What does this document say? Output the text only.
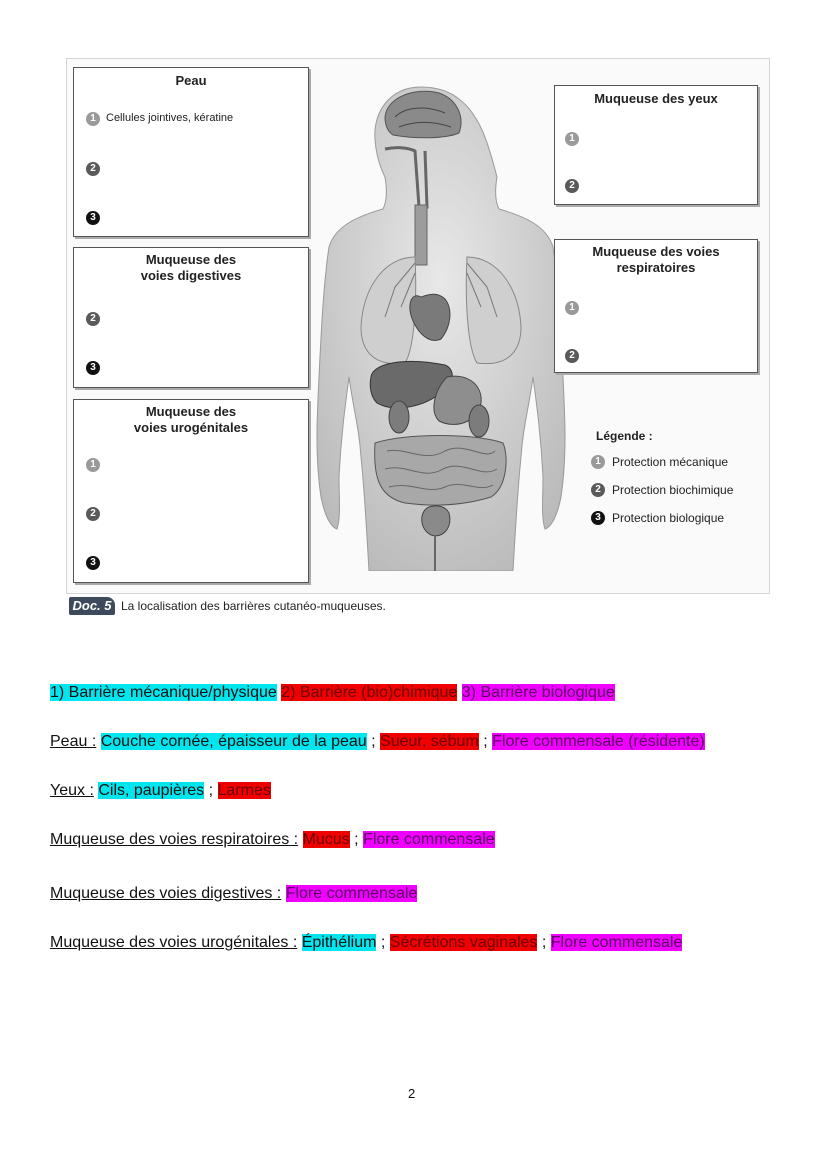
Peau
1 Cellules jointives, kératine
2
3
Muqueuse des voies digestives
2
3
Muqueuse des voies urogénitales
1
2
3
Muqueuse des yeux
1
2
Muqueuse des voies respiratoires
1
2
Légende :
1 Protection mécanique
2 Protection biochimique
3 Protection biologique
Doc. 5 La localisation des barrières cutanéo-muqueuses.
1) Barrière mécanique/physique 2) Barrière (bio)chimique 3) Barrière biologique
Peau : Couche cornée, épaisseur de la peau ; Sueur, sébum ; Flore commensale (résidente)
Yeux : Cils, paupières ; Larmes
Muqueuse des voies respiratoires : Mucus ; Flore commensale
Muqueuse des voies digestives : Flore commensale
Muqueuse des voies urogénitales : Épithélium ; Sécrétions vaginales ; Flore commensale
2
